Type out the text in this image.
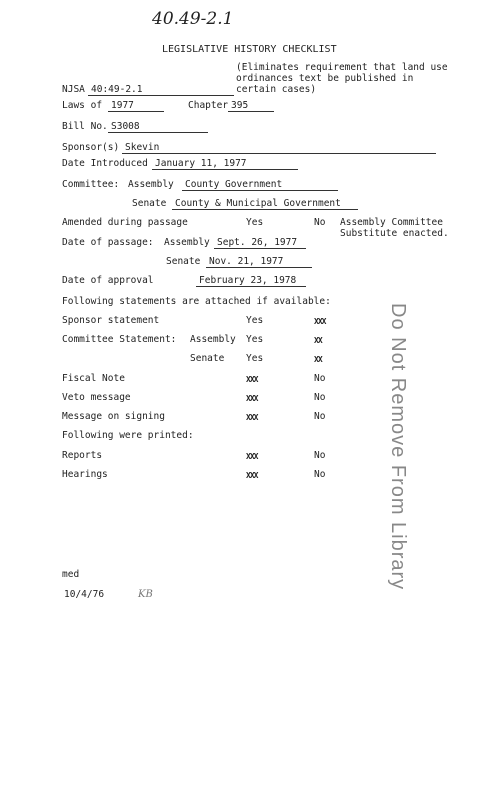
40.49-2.1
LEGISLATIVE HISTORY CHECKLIST
(Eliminates requirement that land use
ordinances text be published in
certain cases)
NJSA 40:49-2.1
Laws of 1977	Chapter 395
Bill No. S3008
Sponsor(s) Skevin
Date Introduced January 11, 1977
Committee: Assembly	County Government
Senate County & Municipal Government
Amended during passage	Yes	No Assembly Committee
Substitute enacted.
Date of passage: Assembly Sept. 26, 1977
Senate Nov. 21, 1977
Date of approval	February 23, 1978
Following statements are attached if available:
Sponsor statement	Yes	XXX
Committee Statement: Assembly Yes	XX
Senate Yes	XX
Fiscal Note	XXX	No
Veto message	XXX	No
Message on signing	XXX	No
Following were printed:
Reports	XXX	No
Hearings	XXX	No	Do Not Remove From Library
med
10/4/76	KB
